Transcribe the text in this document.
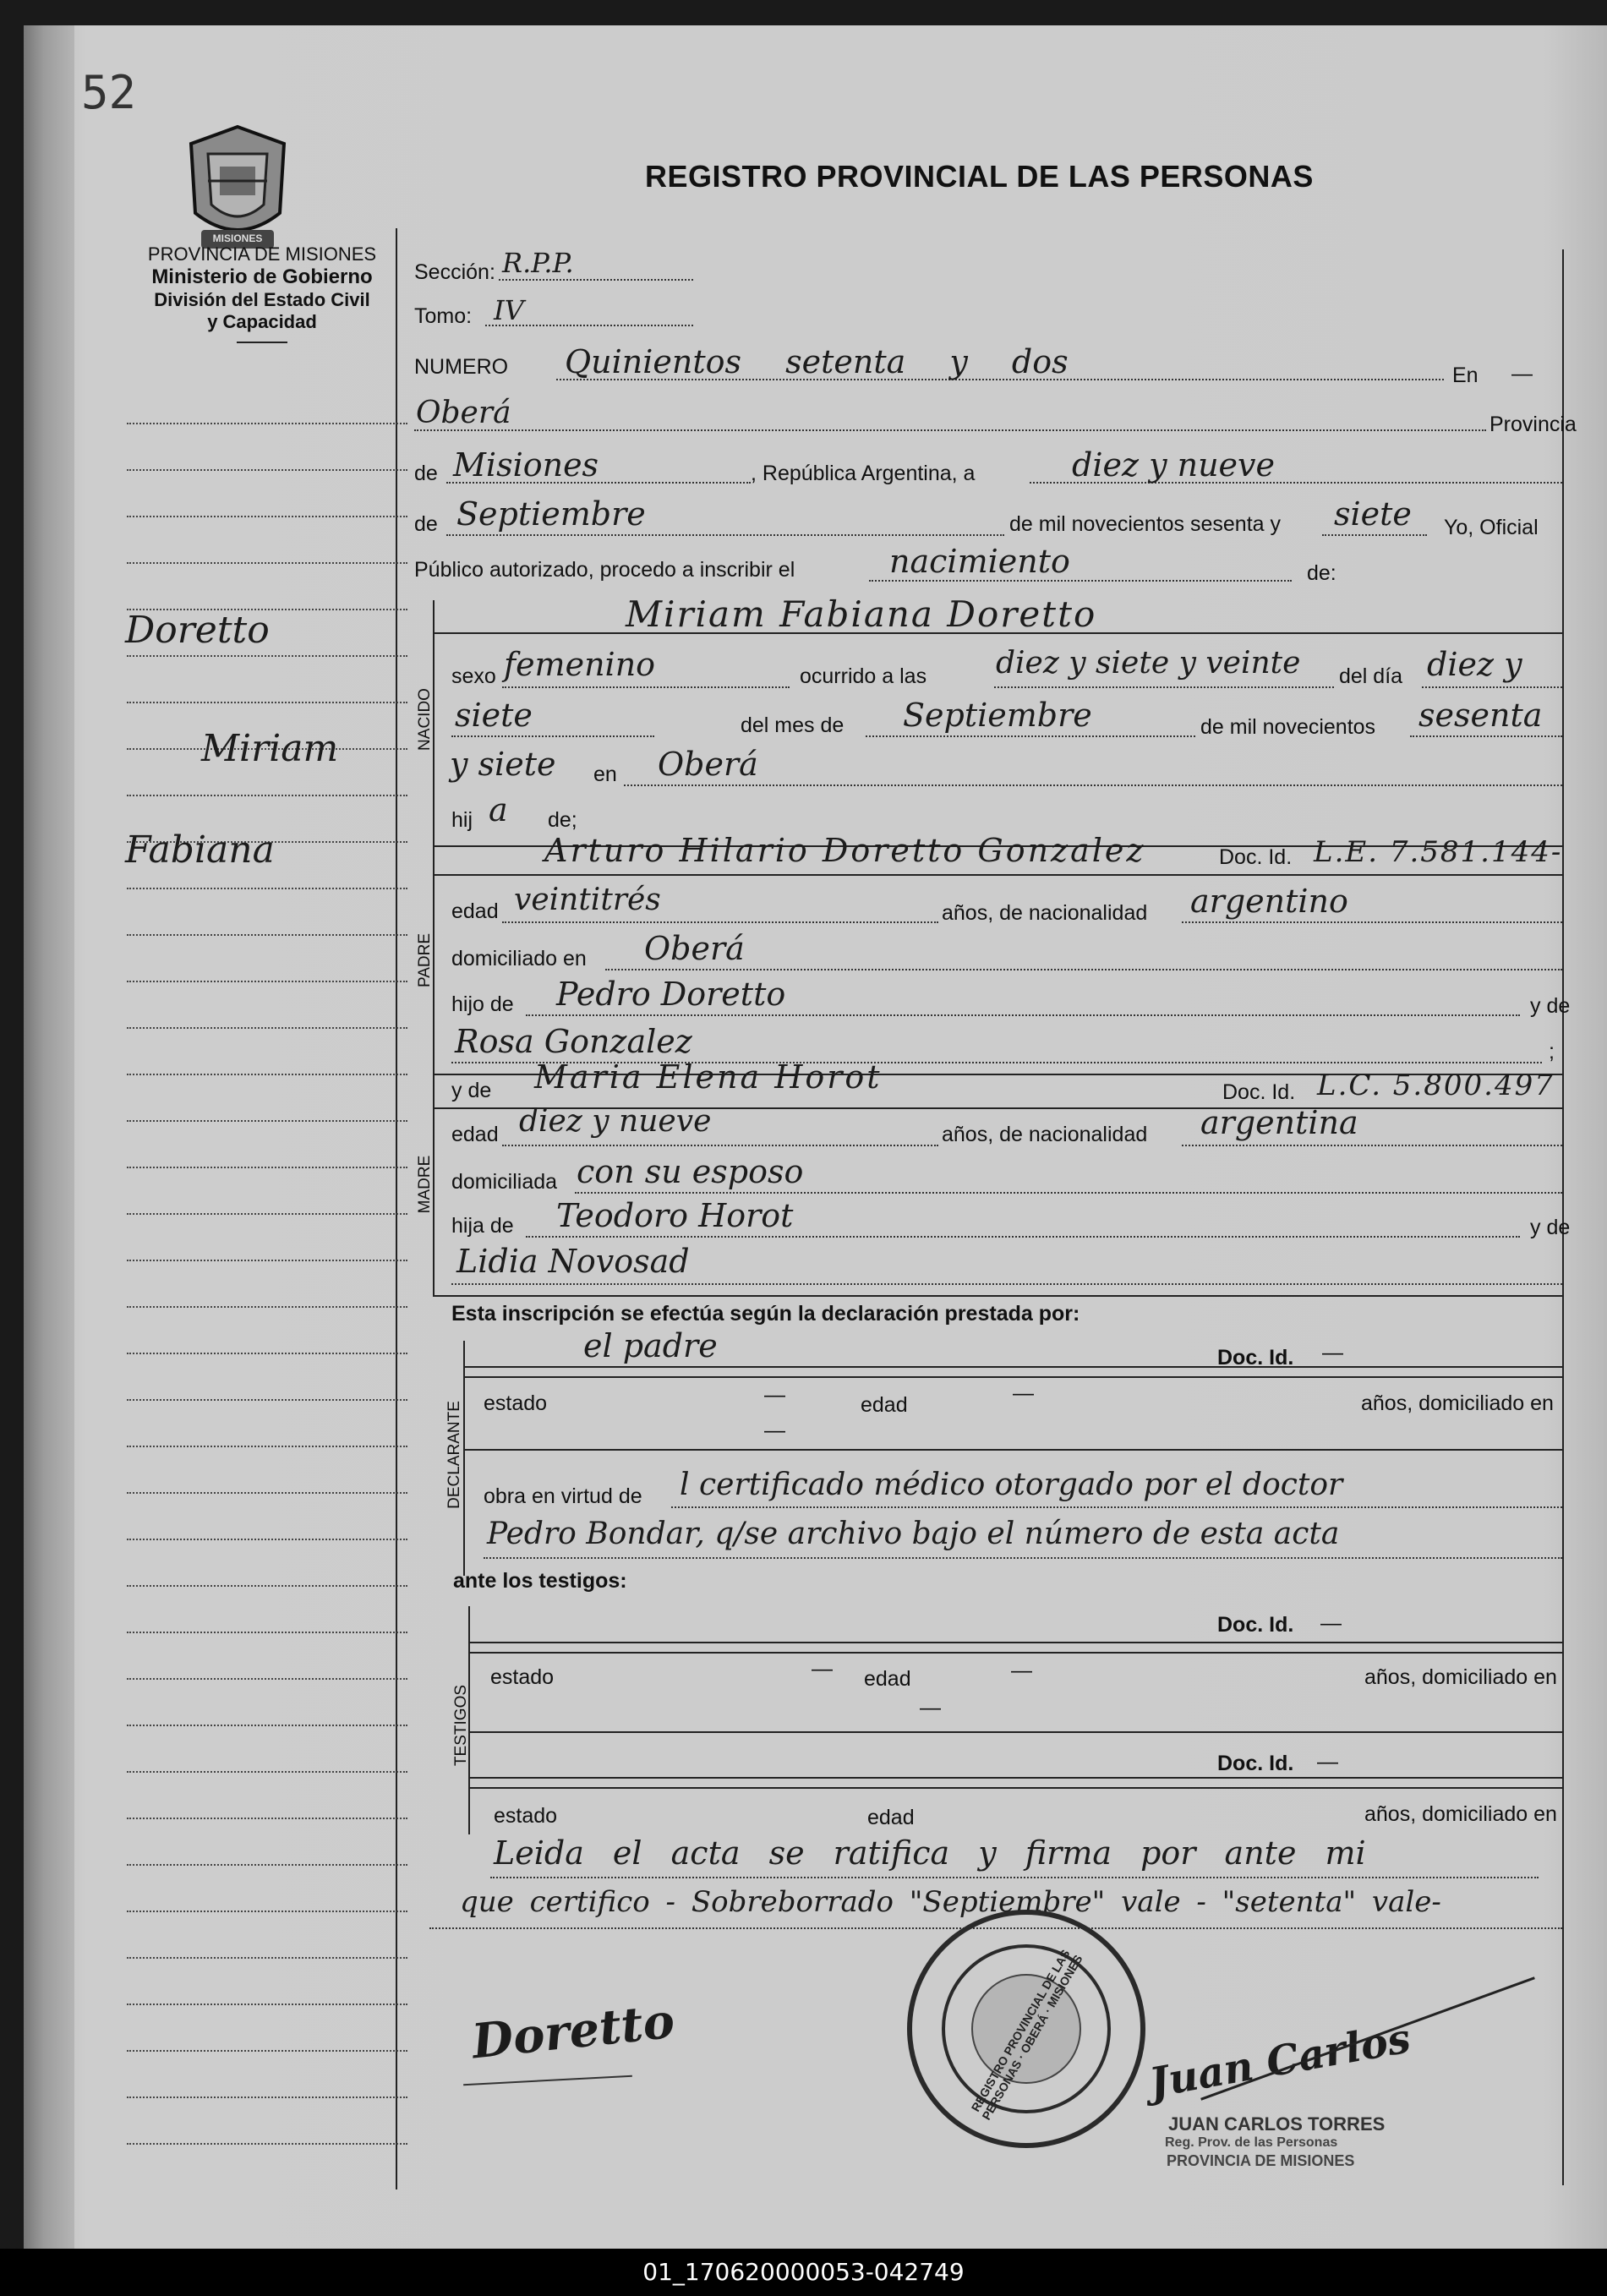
52
MISIONES
PROVINCIA DE MISIONES
Ministerio de Gobierno
División del Estado Civil
y Capacidad
REGISTRO PROVINCIAL DE LAS PERSONAS
Doretto
Miriam
Fabiana
Sección: R.P.P.
Tomo: IV
NUMERO Quinientos setenta y dos	En —
Oberá	Provincia
de Misiones	, República Argentina, a	diez y nueve
de Septiembre	de mil novecientos sesenta y siete Yo, Oficial
Público autorizado, procedo a inscribir el	nacimiento	de:
NACIDO
Miriam Fabiana Doretto
sexo femenino	ocurrido a las diez y siete y veinte del día diez y
siete	del mes de Septiembre	de mil novecientos sesenta
y siete en Oberá
hij a de;
PADRE
Arturo Hilario Doretto Gonzalez	Doc. Id. L.E. 7.581.144-
edad veintitrés	años, de nacionalidad argentino
domiciliado en Oberá
hijo de Pedro Doretto	y de
Rosa Gonzalez	;
MADRE
y de Maria Elena Horot	Doc. Id. L.C. 5.800.497
edad diez y nueve	años, de nacionalidad argentina
domiciliada con su esposo
hija de Teodoro Horot	y de
Lidia Novosad
Esta inscripción se efectúa según la declaración prestada por:
DECLARANTE
el padre	Doc. Id. —
estado	—	edad	—	años, domiciliado en
—
obra en virtud de l certificado médico otorgado por el doctor
Pedro Bondar, q/se archivo bajo el número de esta acta
ante los testigos:
TESTIGOS
Doc. Id. —
estado	— edad	—	años, domiciliado en
—
Doc. Id. —
estado	edad	años, domiciliado en
Leida el acta se ratifica y firma por ante mi
que certifico - Sobreborrado "Septiembre" vale - "setenta" vale-
Doretto	REGISTRO PROVINCIAL DE LAS PERSONAS · OBERÁ · MISIONES Juan Carlos
JUAN CARLOS TORRES
Reg. Prov. de las Personas
PROVINCIA DE MISIONES
01_170620000053-042749
